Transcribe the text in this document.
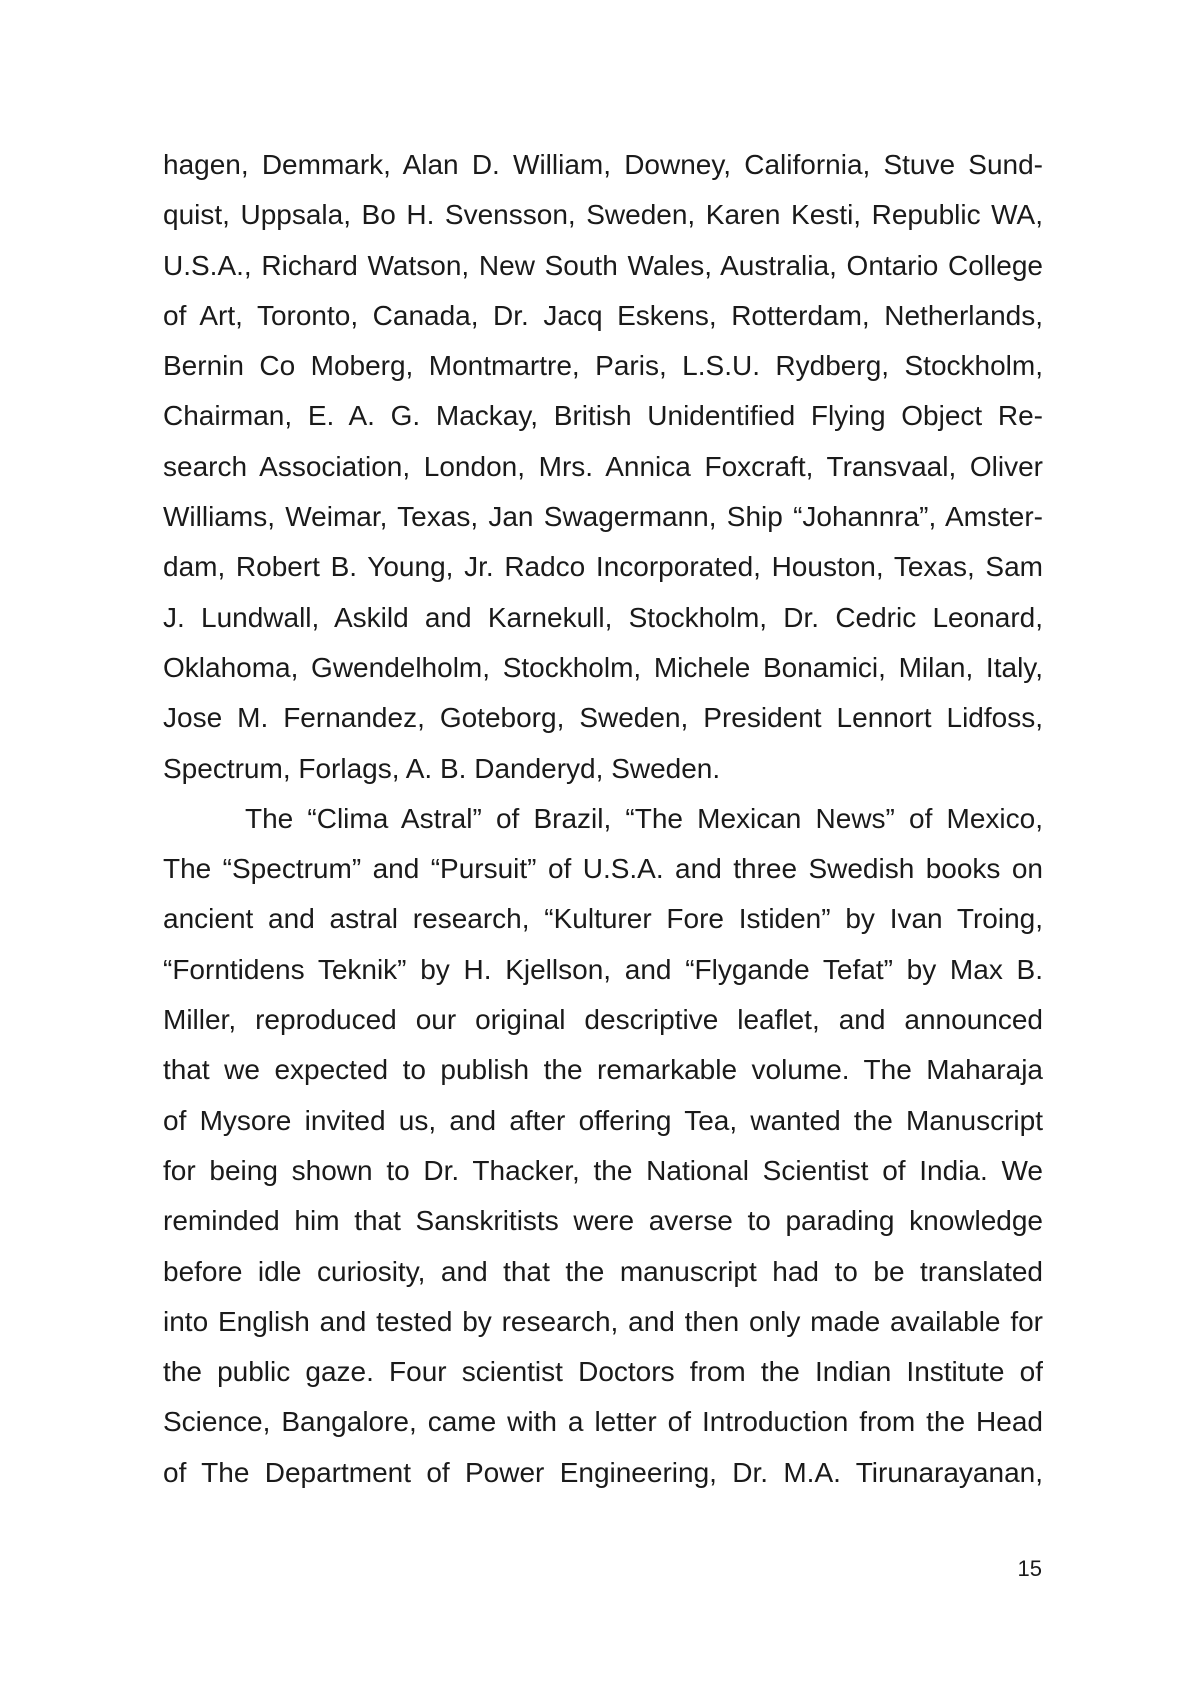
hagen, Demmark, Alan D. William, Downey, California, Stuve Sund-
quist, Uppsala, Bo H. Svensson, Sweden, Karen Kesti, Republic WA,
U.S.A., Richard Watson, New South Wales, Australia, Ontario College
of Art, Toronto, Canada, Dr. Jacq Eskens, Rotterdam, Netherlands,
Bernin Co Moberg, Montmartre, Paris, L.S.U. Rydberg, Stockholm,
Chairman, E. A. G. Mackay, British Unidentified Flying Object Re-
search Association, London, Mrs. Annica Foxcraft, Transvaal, Oliver
Williams, Weimar, Texas, Jan Swagermann, Ship “Johannra”, Amster-
dam, Robert B. Young, Jr. Radco Incorporated, Houston, Texas, Sam
J. Lundwall, Askild and Karnekull, Stockholm, Dr. Cedric Leonard,
Oklahoma, Gwendelholm, Stockholm, Michele Bonamici, Milan, Italy,
Jose M. Fernandez, Goteborg, Sweden, President Lennort Lidfoss,
Spectrum, Forlags, A. B. Danderyd, Sweden.
The “Clima Astral” of Brazil, “The Mexican News” of Mexico,
The “Spectrum” and “Pursuit” of U.S.A. and three Swedish books on
ancient and astral research, “Kulturer Fore Istiden” by Ivan Troing,
“Forntidens Teknik” by H. Kjellson, and “Flygande Tefat” by Max B.
Miller, reproduced our original descriptive leaflet, and announced
that we expected to publish the remarkable volume. The Maharaja
of Mysore invited us, and after offering Tea, wanted the Manuscript
for being shown to Dr. Thacker, the National Scientist of India. We
reminded him that Sanskritists were averse to parading knowledge
before idle curiosity, and that the manuscript had to be translated
into English and tested by research, and then only made available for
the public gaze. Four scientist Doctors from the Indian Institute of
Science, Bangalore, came with a letter of Introduction from the Head
of The Department of Power Engineering, Dr. M.A. Tirunarayanan,
15
